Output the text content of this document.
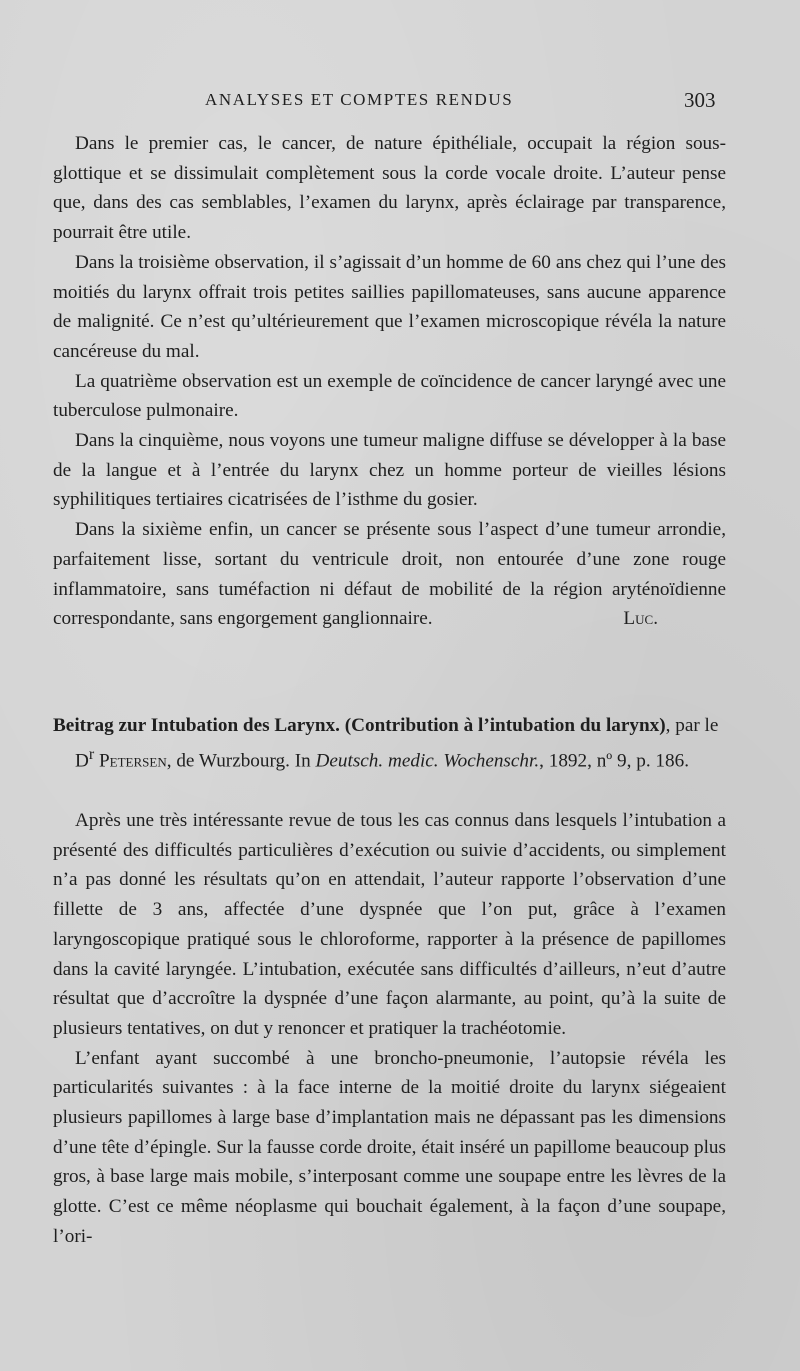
ANALYSES ET COMPTES RENDUS	303

Dans le premier cas, le cancer, de nature épithéliale, occupait la région sous-glottique et se dissimulait complètement sous la corde vocale droite. L’auteur pense que, dans des cas semblables, l’examen du larynx, après éclairage par transparence, pourrait être utile.

Dans la troisième observation, il s’agissait d’un homme de 60 ans chez qui l’une des moitiés du larynx offrait trois petites saillies papillomateuses, sans aucune apparence de malignité. Ce n’est qu’ultérieurement que l’examen microscopique révéla la nature cancéreuse du mal.

La quatrième observation est un exemple de coïncidence de cancer laryngé avec une tuberculose pulmonaire.

Dans la cinquième, nous voyons une tumeur maligne diffuse se développer à la base de la langue et à l’entrée du larynx chez un homme porteur de vieilles lésions syphilitiques tertiaires cicatrisées de l’isthme du gosier.

Dans la sixième enfin, un cancer se présente sous l’aspect d’une tumeur arrondie, parfaitement lisse, sortant du ventricule droit, non entourée d’une zone rouge inflammatoire, sans tuméfaction ni défaut de mobilité de la région aryténoïdienne correspondante, sans engorgement ganglionnaire.	Luc.

Beitrag zur Intubation des Larynx. (Contribution à l’intubation du larynx), par le $D^r$ Petersen, de Wurzbourg. In Deutsch. medic. Wochenschr., 1892, nº 9, p. 186.

Après une très intéressante revue de tous les cas connus dans lesquels l’intubation a présenté des difficultés particulières d’exécution ou suivie d’accidents, ou simplement n’a pas donné les résultats qu’on en attendait, l’auteur rapporte l’observation d’une fillette de 3 ans, affectée d’une dyspnée que l’on put, grâce à l’examen laryngoscopique pratiqué sous le chloroforme, rapporter à la présence de papillomes dans la cavité laryngée. L’intubation, exécutée sans difficultés d’ailleurs, n’eut d’autre résultat que d’accroître la dyspnée d’une façon alarmante, au point, qu’à la suite de plusieurs tentatives, on dut y renoncer et pratiquer la trachéotomie.

L’enfant ayant succombé à une broncho-pneumonie, l’autopsie révéla les particularités suivantes : à la face interne de la moitié droite du larynx siégeaient plusieurs papillomes à large base d’implantation mais ne dépassant pas les dimensions d’une tête d’épingle. Sur la fausse corde droite, était inséré un papillome beaucoup plus gros, à base large mais mobile, s’interposant comme une soupape entre les lèvres de la glotte. C’est ce même néoplasme qui bouchait également, à la façon d’une soupape, l’ori-
